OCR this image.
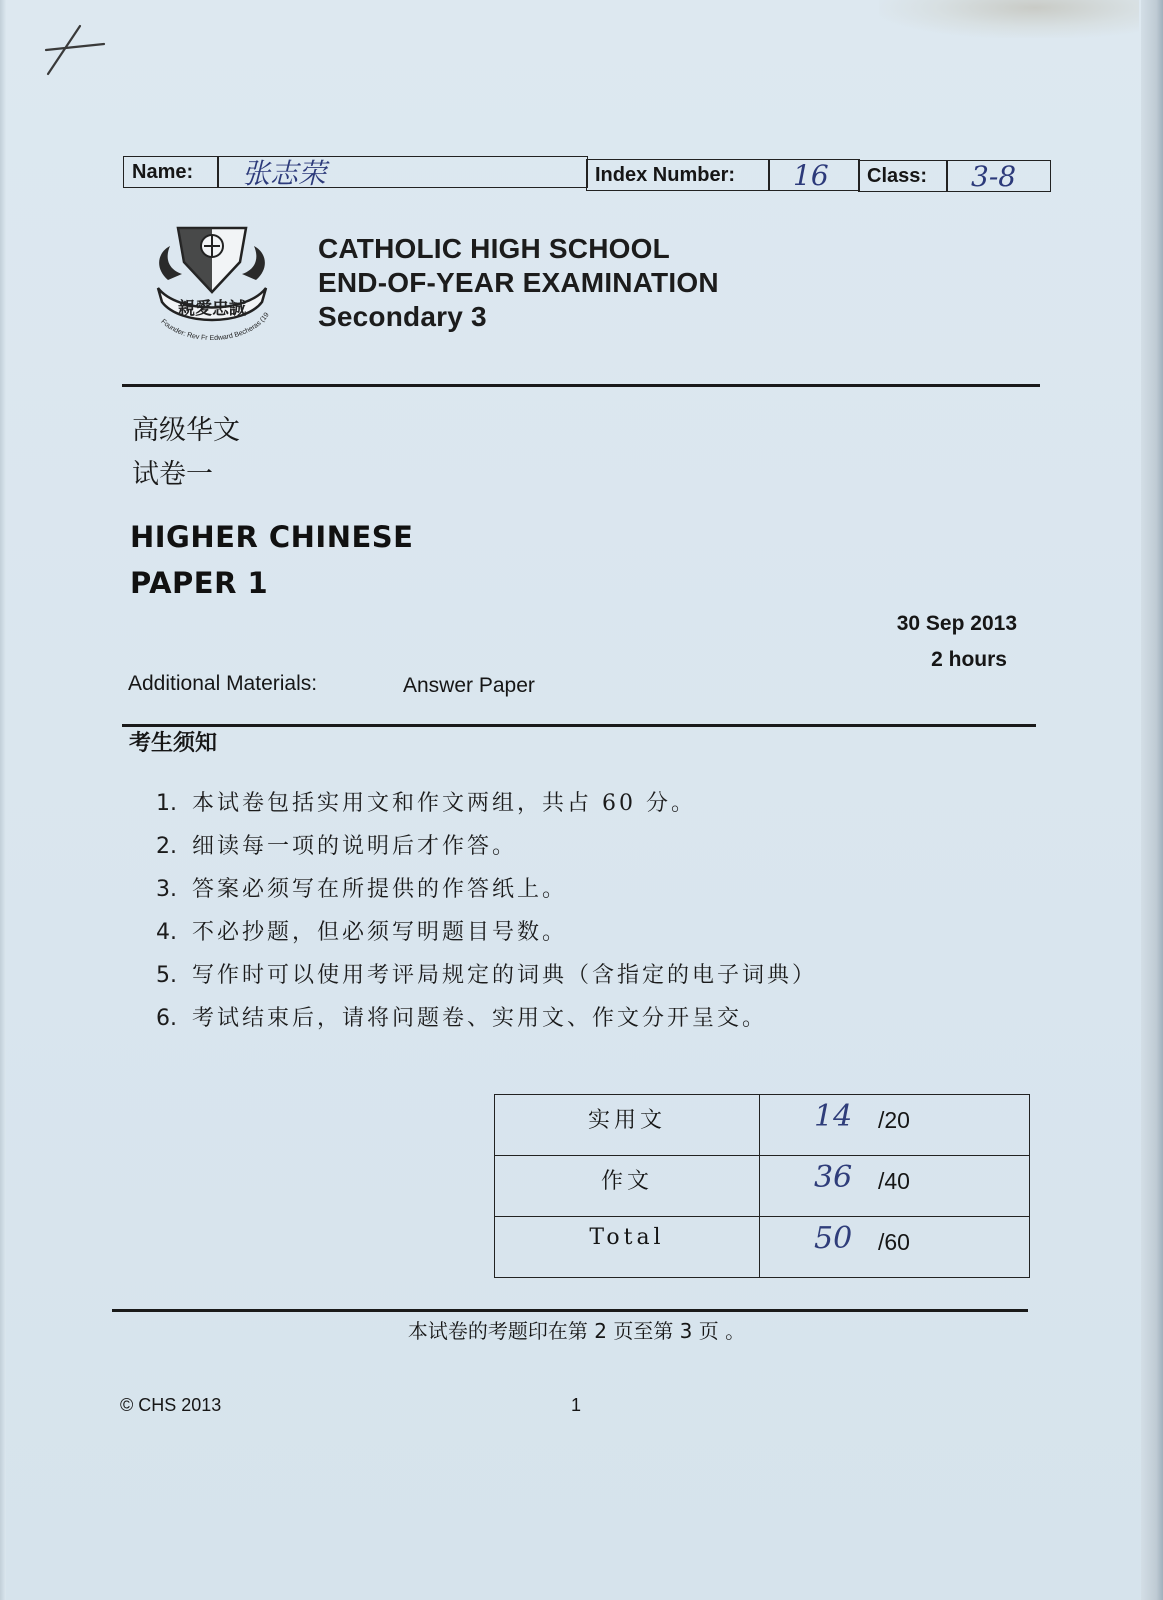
Name:	张志荣	Index Number:	16	Class:	3-8
親愛忠誠
Founder: Rev Fr Edward Becheras (19
CATHOLIC HIGH SCHOOL
END-OF-YEAR EXAMINATION
Secondary 3
高级华文
试卷一
HIGHER CHINESE
PAPER 1
30 Sep 2013
2 hours
Additional Materials:	Answer Paper
考生须知
1. 本试卷包括实用文和作文两组，共占 60 分。
2. 细读每一项的说明后才作答。
3. 答案必须写在所提供的作答纸上。
4. 不必抄题，但必须写明题目号数。
5. 写作时可以使用考评局规定的词典（含指定的电子词典）
6. 考试结束后，请将问题卷、实用文、作文分开呈交。
实用文	14 /20

作文	36 /40

Total	50 /60
本试卷的考题印在第 2 页至第 3 页 。
© CHS 2013	1
